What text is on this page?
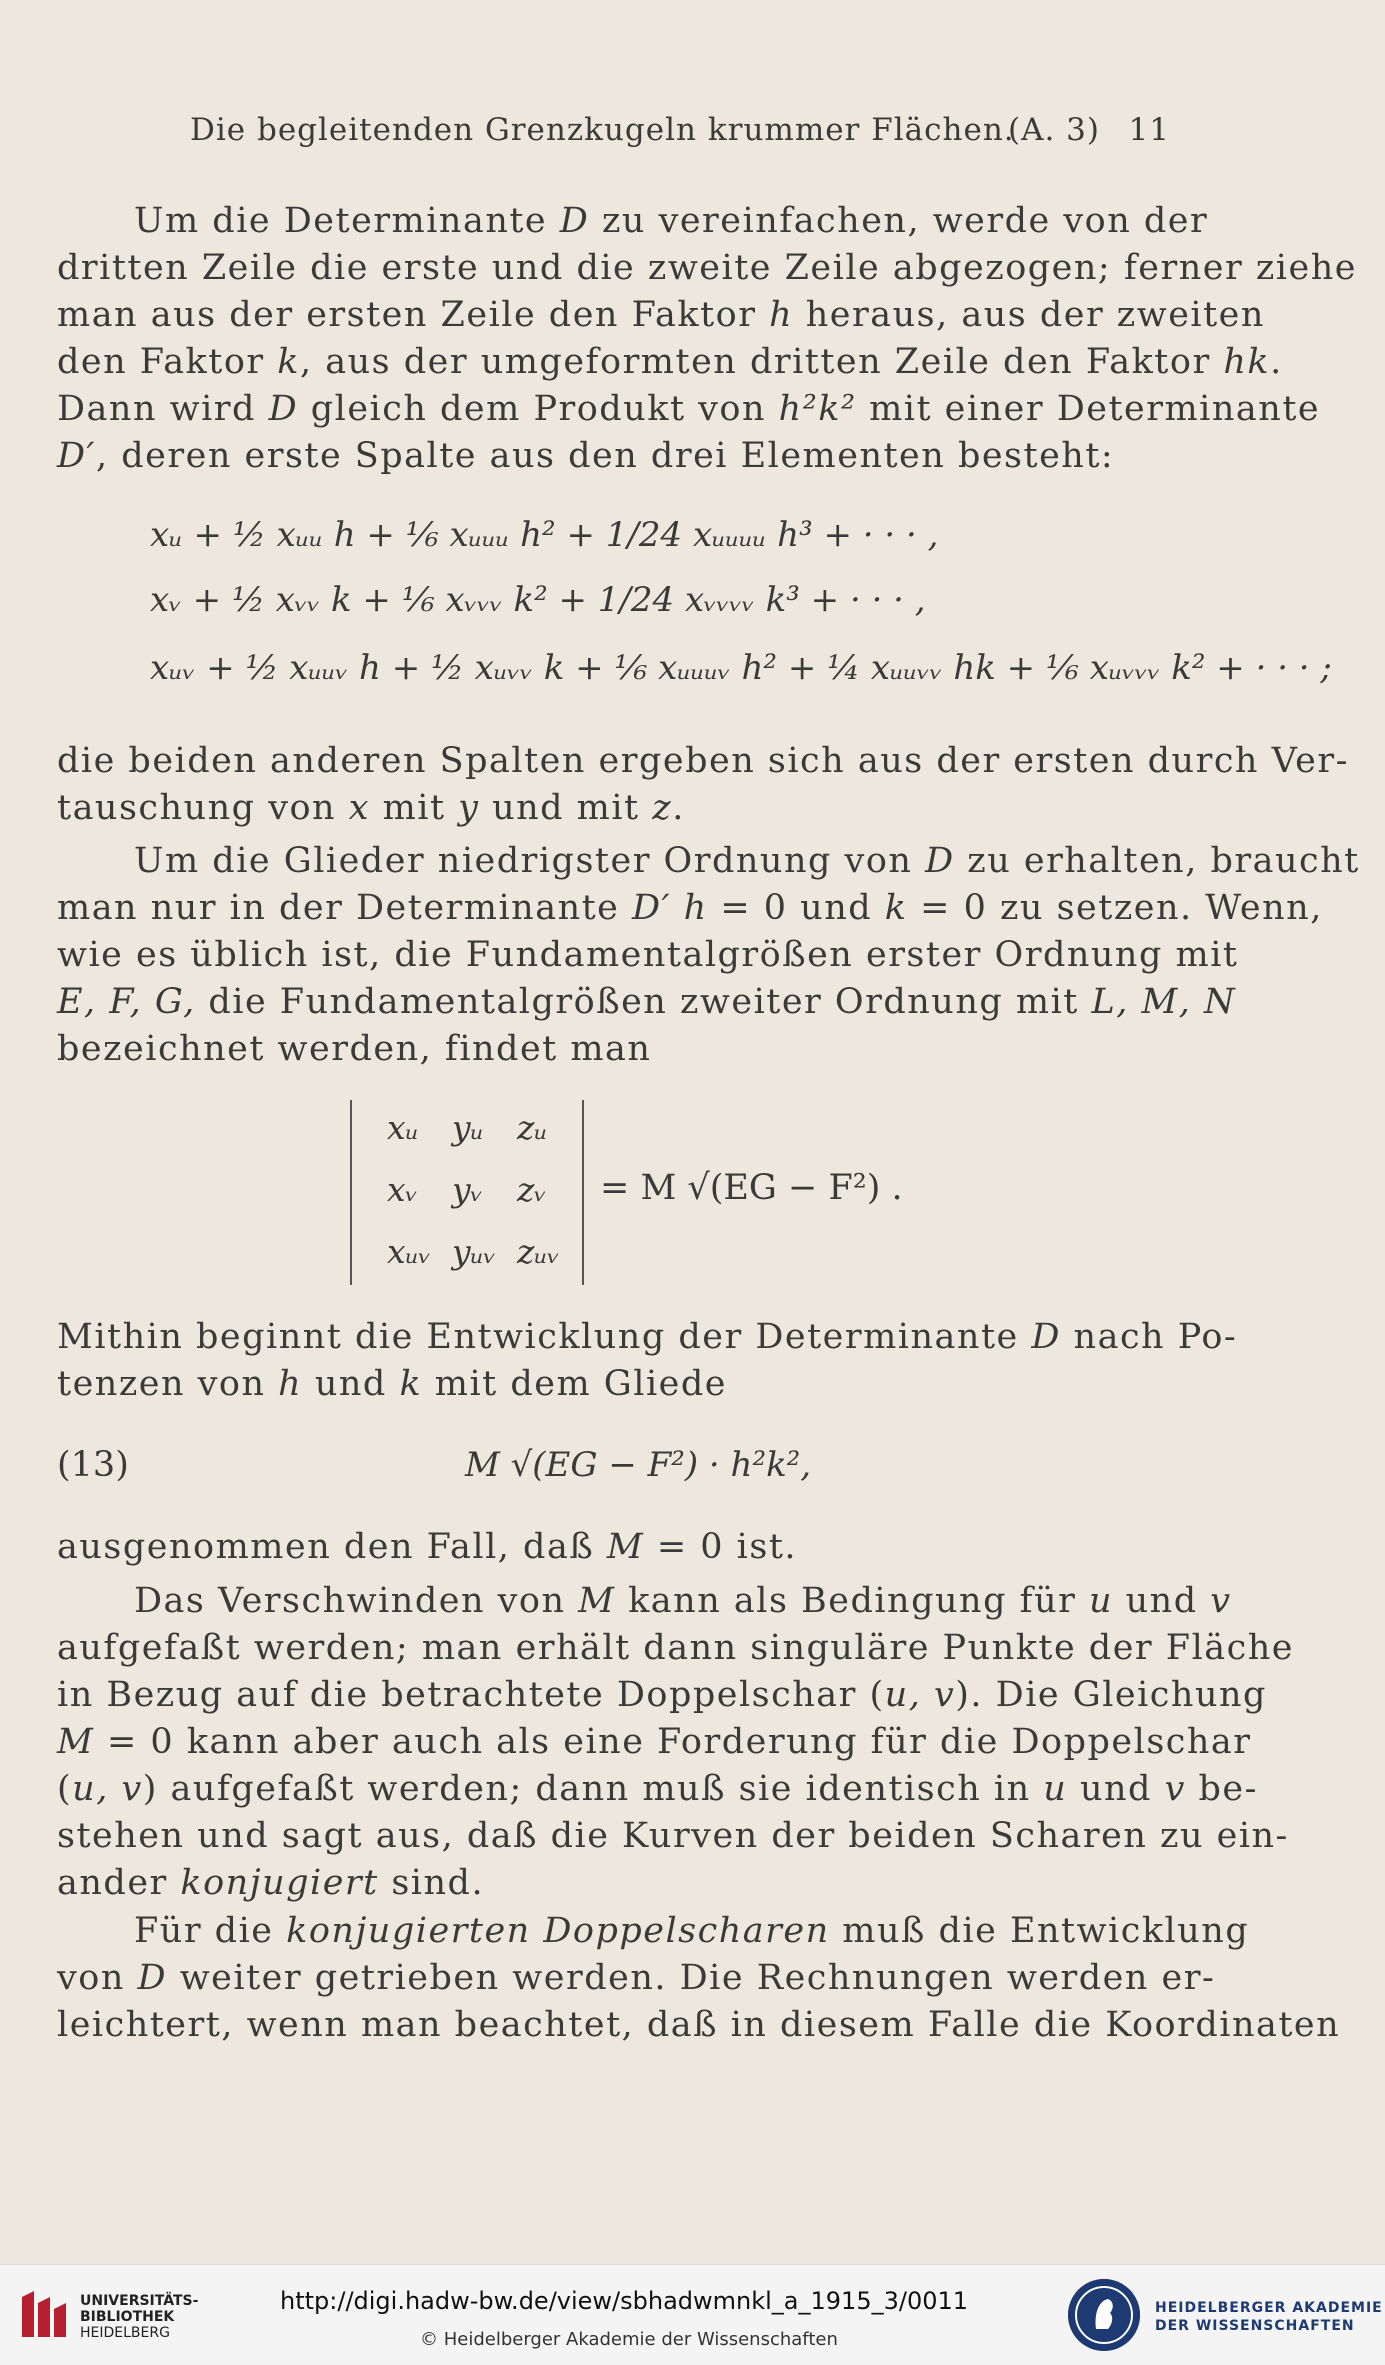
Die begleitenden Grenzkugeln krummer Flächen.
(A. 3) 11
Um die Determinante D zu vereinfachen, werde von der
dritten Zeile die erste und die zweite Zeile abgezogen; ferner ziehe
man aus der ersten Zeile den Faktor h heraus, aus der zweiten
den Faktor k, aus der umgeformten dritten Zeile den Faktor hk.
Dann wird D gleich dem Produkt von h²k² mit einer Determinante
D′, deren erste Spalte aus den drei Elementen besteht:
xᵤ + ½ xᵤᵤ h + ⅙ xᵤᵤᵤ h² + 1/24 xᵤᵤᵤᵤ h³ + · · · ,
xᵥ + ½ xᵥᵥ k + ⅙ xᵥᵥᵥ k² + 1/24 xᵥᵥᵥᵥ k³ + · · · ,
xᵤᵥ + ½ xᵤᵤᵥ h + ½ xᵤᵥᵥ k + ⅙ xᵤᵤᵤᵥ h² + ¼ xᵤᵤᵥᵥ hk + ⅙ xᵤᵥᵥᵥ k² + · · · ;
die beiden anderen Spalten ergeben sich aus der ersten durch Ver-
tauschung von x mit y und mit z.
Um die Glieder niedrigster Ordnung von D zu erhalten, braucht
man nur in der Determinante D′ h = 0 und k = 0 zu setzen. Wenn,
wie es üblich ist, die Fundamentalgrößen erster Ordnung mit
E, F, G, die Fundamentalgrößen zweiter Ordnung mit L, M, N
bezeichnet werden, findet man
xᵤ yᵤ zᵤ
xᵥ yᵥ zᵥ
xᵤᵥ yᵤᵥ zᵤᵥ
= M √(EG − F²) .
Mithin beginnt die Entwicklung der Determinante D nach Po-
tenzen von h und k mit dem Gliede
(13)	M √(EG − F²) · h²k²,
ausgenommen den Fall, daß M = 0 ist.
Das Verschwinden von M kann als Bedingung für u und v
aufgefaßt werden; man erhält dann singuläre Punkte der Fläche
in Bezug auf die betrachtete Doppelschar (u, v). Die Gleichung
M = 0 kann aber auch als eine Forderung für die Doppelschar
(u, v) aufgefaßt werden; dann muß sie identisch in u und v be-
stehen und sagt aus, daß die Kurven der beiden Scharen zu ein-
ander konjugiert sind.
Für die konjugierten Doppelscharen muß die Entwicklung
von D weiter getrieben werden. Die Rechnungen werden er-
leichtert, wenn man beachtet, daß in diesem Falle die Koordinaten
UNIVERSITÄTS-
BIBLIOTHEK
HEIDELBERG
http://digi.hadw-bw.de/view/sbhadwmnkl_a_1915_3/0011
© Heidelberger Akademie der Wissenschaften
HEIDELBERGER AKADEMIE
DER WISSENSCHAFTEN
